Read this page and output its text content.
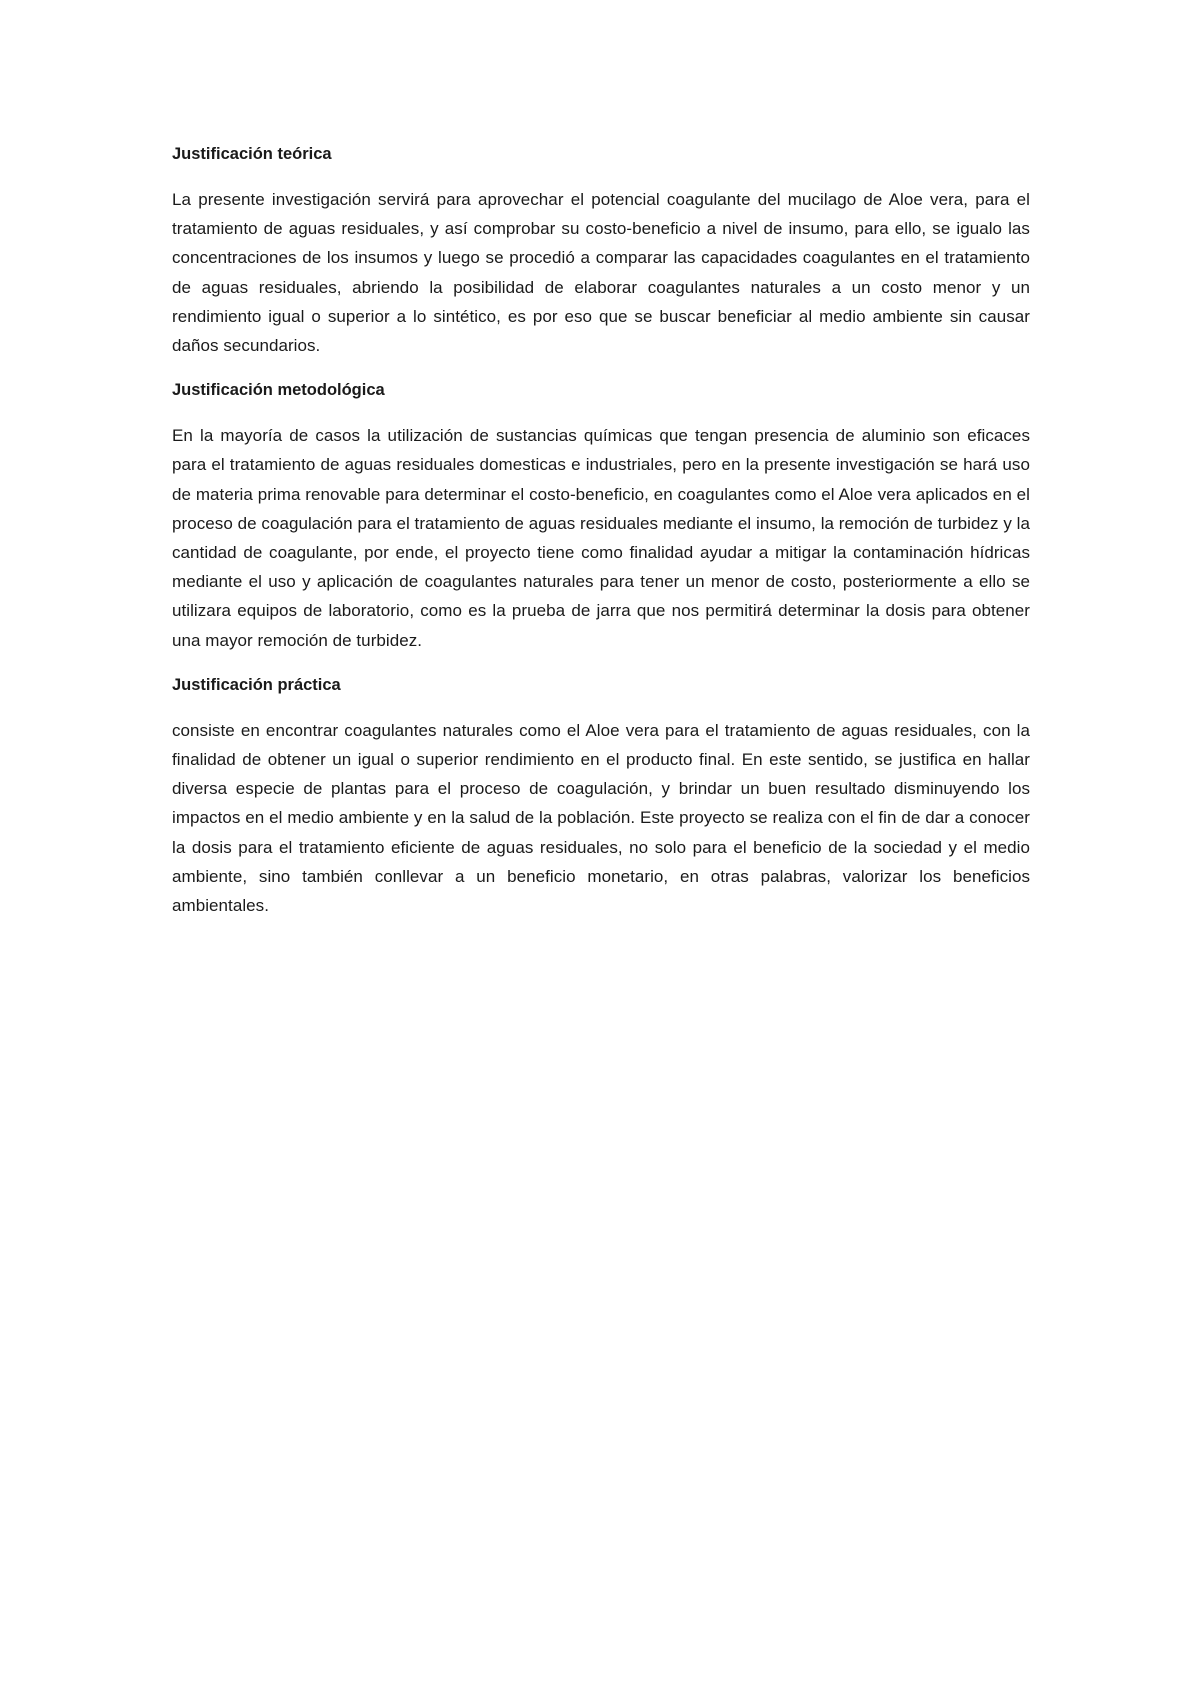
Justificación teórica

La presente investigación servirá para aprovechar el potencial coagulante del mucilago de Aloe vera, para el tratamiento de aguas residuales, y así comprobar su costo-beneficio a nivel de insumo, para ello, se igualo las concentraciones de los insumos y luego se procedió a comparar las capacidades coagulantes en el tratamiento de aguas residuales, abriendo la posibilidad de elaborar coagulantes naturales a un costo menor y un rendimiento igual o superior a lo sintético, es por eso que se buscar beneficiar al medio ambiente sin causar daños secundarios.

Justificación metodológica

En la mayoría de casos la utilización de sustancias químicas que tengan presencia de aluminio son eficaces para el tratamiento de aguas residuales domesticas e industriales, pero en la presente investigación se hará uso de materia prima renovable para determinar el costo-beneficio, en coagulantes como el Aloe vera aplicados en el proceso de coagulación para el tratamiento de aguas residuales mediante el insumo, la remoción de turbidez y la cantidad de coagulante, por ende, el proyecto tiene como finalidad ayudar a mitigar la contaminación hídricas mediante el uso y aplicación de coagulantes naturales para tener un menor de costo, posteriormente a ello se utilizara equipos de laboratorio, como es la prueba de jarra que nos permitirá determinar la dosis para obtener una mayor remoción de turbidez.

Justificación práctica

consiste en encontrar coagulantes naturales como el Aloe vera para el tratamiento de aguas residuales, con la finalidad de obtener un igual o superior rendimiento en el producto final. En este sentido, se justifica en hallar diversa especie de plantas para el proceso de coagulación, y brindar un buen resultado disminuyendo los impactos en el medio ambiente y en la salud de la población. Este proyecto se realiza con el fin de dar a conocer la dosis para el tratamiento eficiente de aguas residuales, no solo para el beneficio de la sociedad y el medio ambiente, sino también conllevar a un beneficio monetario, en otras palabras, valorizar los beneficios ambientales.
